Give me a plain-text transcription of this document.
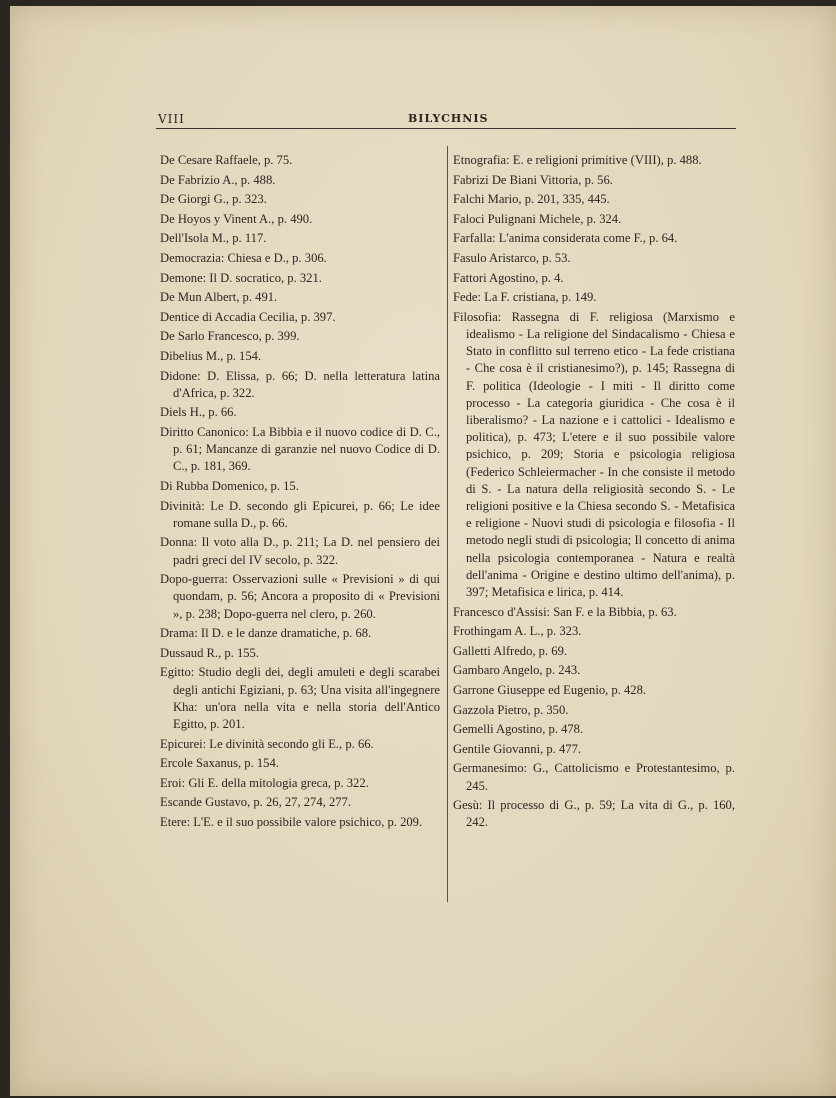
VIII	BILYCHNIS
De Cesare Raffaele, p. 75.
De Fabrizio A., p. 488.
De Giorgi G., p. 323.
De Hoyos y Vinent A., p. 490.
Dell'Isola M., p. 117.
Democrazia: Chiesa e D., p. 306.
Demone: Il D. socratico, p. 321.
De Mun Albert, p. 491.
Dentice di Accadia Cecilia, p. 397.
De Sarlo Francesco, p. 399.
Dibelius M., p. 154.
Didone: D. Elissa, p. 66; D. nella letteratura latina d'Africa, p. 322.
Diels H., p. 66.
Diritto Canonico: La Bibbia e il nuovo codice di D. C., p. 61; Mancanze di garanzie nel nuovo Codice di D. C., p. 181, 369.
Di Rubba Domenico, p. 15.
Divinità: Le D. secondo gli Epicurei, p. 66; Le idee romane sulla D., p. 66.
Donna: Il voto alla D., p. 211; La D. nel pensiero dei padri greci del IV secolo, p. 322.
Dopo-guerra: Osservazioni sulle « Previsioni » di qui quondam, p. 56; Ancora a proposito di « Previsioni », p. 238; Dopo-guerra nel clero, p. 260.
Drama: Il D. e le danze dramatiche, p. 68.
Dussaud R., p. 155.
Egitto: Studio degli dei, degli amuleti e degli scarabei degli antichi Egiziani, p. 63; Una visita all'ingegnere Kha: un'ora nella vita e nella storia dell'Antico Egitto, p. 201.
Epicurei: Le divinità secondo gli E., p. 66.
Ercole Saxanus, p. 154.
Eroi: Gli E. della mitologia greca, p. 322.
Escande Gustavo, p. 26, 27, 274, 277.
Etere: L'E. e il suo possibile valore psichico, p. 209.
Etnografia: E. e religioni primitive (VIII), p. 488.
Fabrizi De Biani Vittoria, p. 56.
Falchi Mario, p. 201, 335, 445.
Faloci Pulignani Michele, p. 324.
Farfalla: L'anima considerata come F., p. 64.
Fasulo Aristarco, p. 53.
Fattori Agostino, p. 4.
Fede: La F. cristiana, p. 149.
Filosofia: Rassegna di F. religiosa (Marxismo e idealismo - La religione del Sindacalismo - Chiesa e Stato in conflitto sul terreno etico - La fede cristiana - Che cosa è il cristianesimo?), p. 145; Rassegna di F. politica (Ideologie - I miti - Il diritto come processo - La categoria giuridica - Che cosa è il liberalismo? - La nazione e i cattolici - Idealismo e politica), p. 473; L'etere e il suo possibile valore psichico, p. 209; Storia e psicologia religiosa (Federico Schleiermacher - In che consiste il metodo di S. - La natura della religiosità secondo S. - Le religioni positive e la Chiesa secondo S. - Metafisica e religione - Nuovi studi di psicologia e filosofia - Il metodo negli studi di psicologia; Il concetto di anima nella psicologia contemporanea - Natura e realtà dell'anima - Origine e destino ultimo dell'anima), p. 397; Metafisica e lirica, p. 414.
Francesco d'Assisi: San F. e la Bibbia, p. 63.
Frothingam A. L., p. 323.
Galletti Alfredo, p. 69.
Gambaro Angelo, p. 243.
Garrone Giuseppe ed Eugenio, p. 428.
Gazzola Pietro, p. 350.
Gemelli Agostino, p. 478.
Gentile Giovanni, p. 477.
Germanesimo: G., Cattolicismo e Protestantesimo, p. 245.
Gesù: Il processo di G., p. 59; La vita di G., p. 160, 242.
